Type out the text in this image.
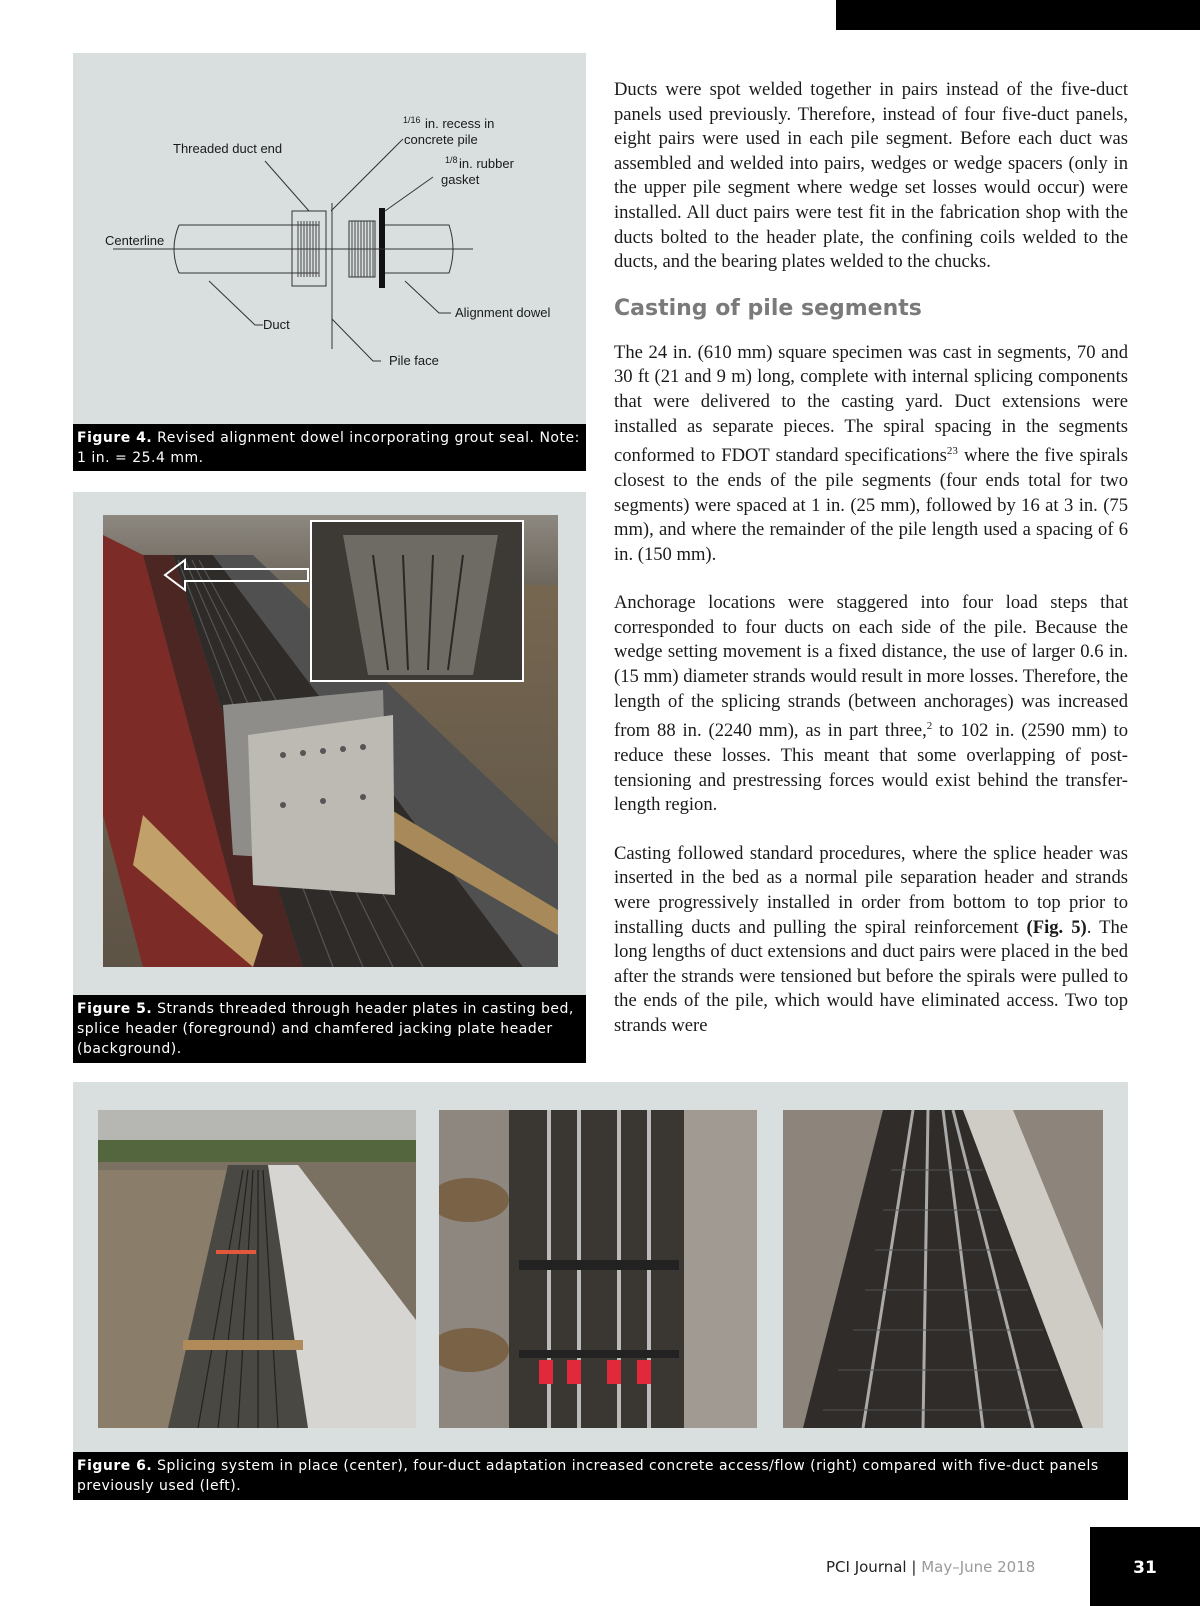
1/16 in. recess in
concrete pile
1/8 in. rubber
gasket
Threaded duct end
Centerline
Duct
Alignment dowel
Pile face
Figure 4. Revised alignment dowel incorporating grout seal. Note: 1 in. = 25.4 mm.
Figure 5. Strands threaded through header plates in casting bed, splice header (foreground) and chamfered jacking plate header (background).

Ducts were spot welded together in pairs instead of the five-duct panels used previously. Therefore, instead of four five-duct panels, eight pairs were used in each pile segment. Before each duct was assembled and welded into pairs, wedges or wedge spacers (only in the upper pile segment where wedge set losses would occur) were installed. All duct pairs were test fit in the fabrication shop with the ducts bolted to the header plate, the confining coils welded to the ducts, and the bearing plates welded to the chucks.

Casting of pile segments

The 24 in. (610 mm) square specimen was cast in segments, 70 and 30 ft (21 and 9 m) long, complete with internal splicing components that were delivered to the casting yard. Duct extensions were installed as separate pieces. The spiral spacing in the segments conformed to FDOT standard specifications$^{23}$ where the five spirals closest to the ends of the pile segments (four ends total for two segments) were spaced at 1 in. (25 mm), followed by 16 at 3 in. (75 mm), and where the remainder of the pile length used a spacing of 6 in. (150 mm).

Anchorage locations were staggered into four load steps that corresponded to four ducts on each side of the pile. Because the wedge setting movement is a fixed distance, the use of larger 0.6 in. (15 mm) diameter strands would result in more losses. Therefore, the length of the splicing strands (between anchorages) was increased from 88 in. (2240 mm), as in part three,$^2$ to 102 in. (2590 mm) to reduce these losses. This meant that some overlapping of post-tensioning and prestressing forces would exist behind the transfer-length region.

Casting followed standard procedures, where the splice header was inserted in the bed as a normal pile separation header and strands were progressively installed in order from bottom to top prior to installing ducts and pulling the spiral reinforcement (Fig. 5). The long lengths of duct extensions and duct pairs were placed in the bed after the strands were tensioned but before the spirals were pulled to the ends of the pile, which would have eliminated access. Two top strands were

Figure 6. Splicing system in place (center), four-duct adaptation increased concrete access/flow (right) compared with five-duct panels previously used (left).
PCI Journal | May–June 2018	31
